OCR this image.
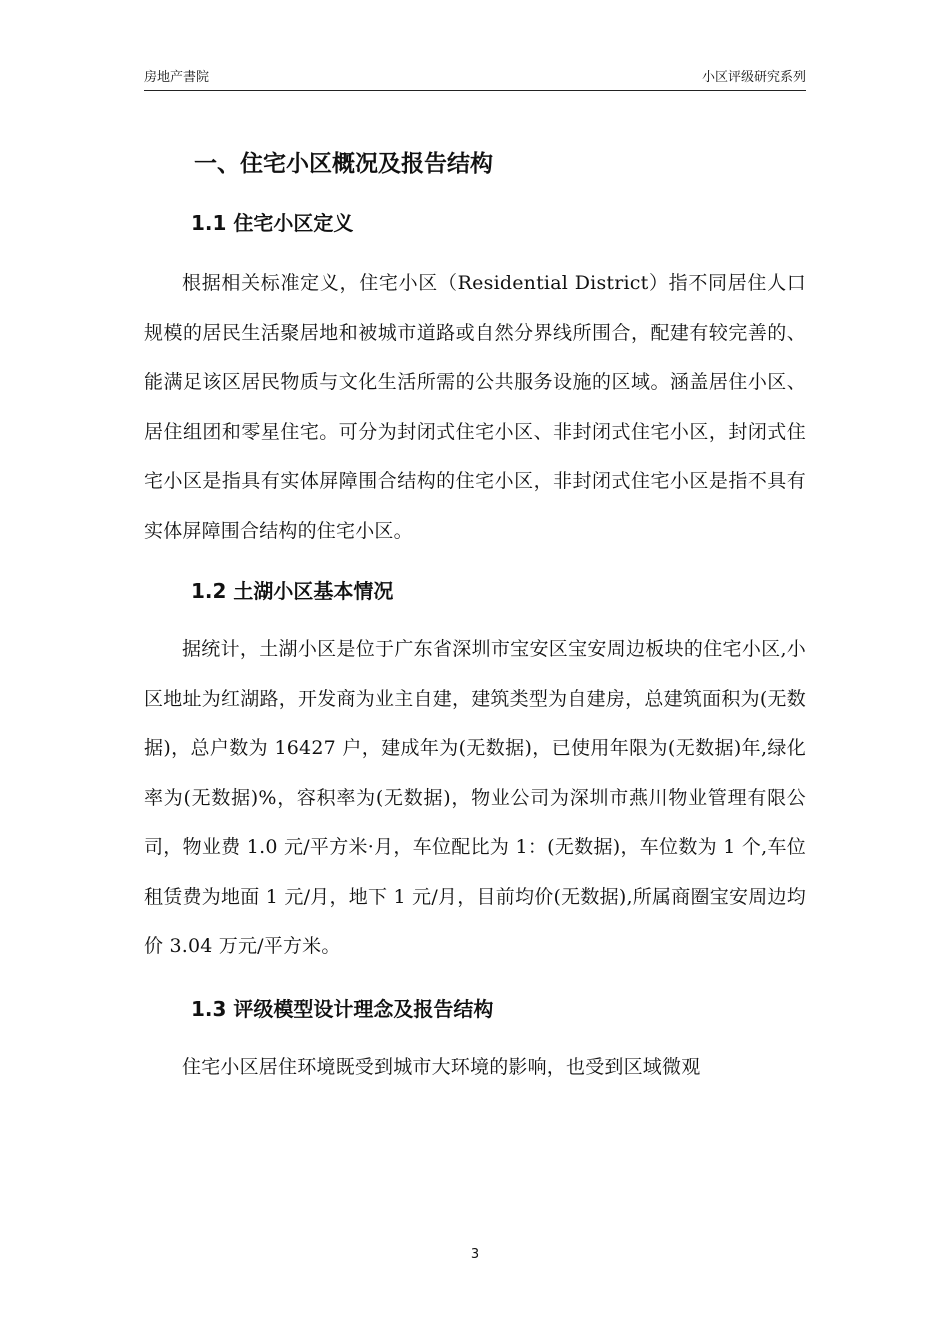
房地产書院	小区评级研究系列
一、住宅小区概况及报告结构
1.1 住宅小区定义

根据相关标准定义，住宅小区（Residential District）指不同居住人口规模的居民生活聚居地和被城市道路或自然分界线所围合，配建有较完善的、能满足该区居民物质与文化生活所需的公共服务设施的区域。涵盖居住小区、居住组团和零星住宅。可分为封闭式住宅小区、非封闭式住宅小区，封闭式住宅小区是指具有实体屏障围合结构的住宅小区，非封闭式住宅小区是指不具有实体屏障围合结构的住宅小区。

1.2 土湖小区基本情况

据统计，土湖小区是位于广东省深圳市宝安区宝安周边板块的住宅小区,小区地址为红湖路，开发商为业主自建，建筑类型为自建房，总建筑面积为(无数据)，总户数为 16427 户，建成年为(无数据)，已使用年限为(无数据)年,绿化率为(无数据)%，容积率为(无数据)，物业公司为深圳市燕川物业管理有限公司，物业费 1.0 元/平方米·月，车位配比为 1：(无数据)，车位数为 1 个,车位租赁费为地面 1 元/月，地下 1 元/月，目前均价(无数据),所属商圈宝安周边均价 3.04 万元/平方米。

1.3 评级模型设计理念及报告结构

住宅小区居住环境既受到城市大环境的影响，也受到区域微观

3
